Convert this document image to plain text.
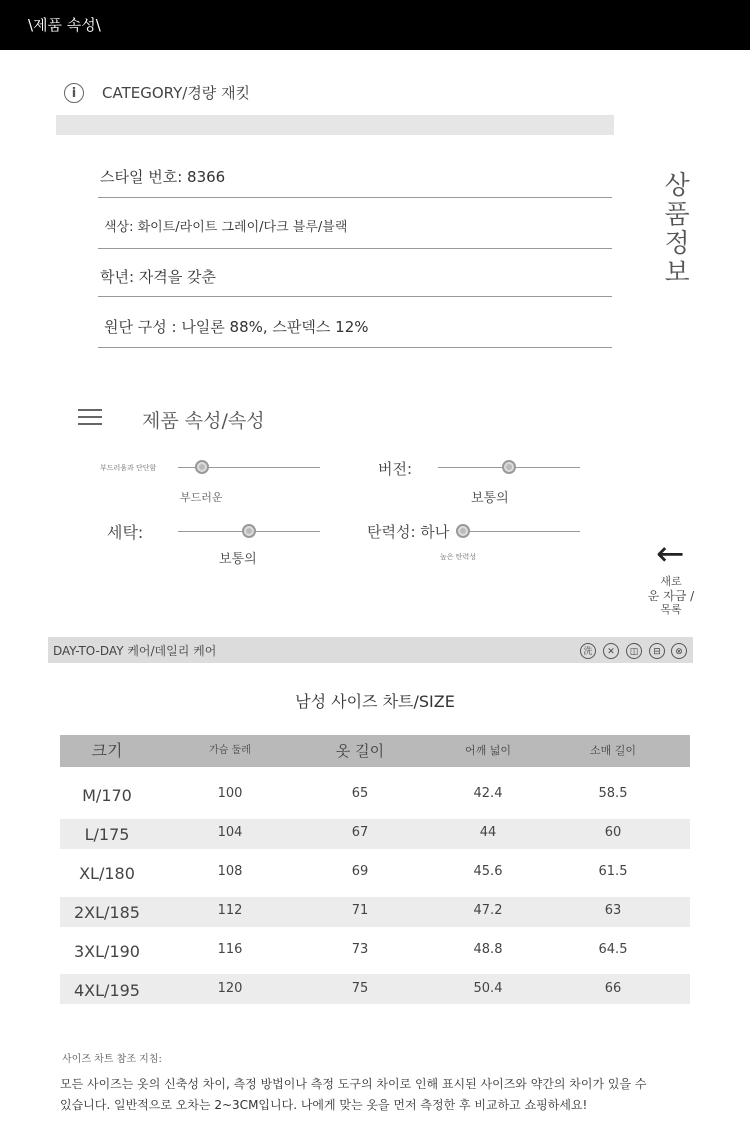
\제품 속성\
i	CATEGORY/경량 재킷
스타일 번호: 8366
색상: 화이트/라이트 그레이/다크 블루/블랙
학년: 자격을 갖춘
원단 구성 : 나일론 88%, 스판덱스 12%
상품 정보
제품 속성/속성
부드러움과 단단함
부드러운
버전:
보통의
세탁:
보통의
탄력성: 하나
높은 탄력성	←
새로
운 자금 /
목록
DAY-TO-DAY 케어/데일리 케어	洗	✕	◫	⊟	⊗
남성 사이즈 차트/SIZE
크기	가슴 둘레	옷 길이	어깨 넓이	소매 길이
M/170	100	65	42.4	58.5
L/175	104	67	44	60
XL/180	108	69	45.6	61.5
2XL/185	112	71	47.2	63
3XL/190	116	73	48.8	64.5
4XL/195	120	75	50.4	66
사이즈 차트 참조 지침:
모든 사이즈는 옷의 신축성 차이, 측정 방법이나 측정 도구의 차이로 인해 표시된 사이즈와 약간의 차이가 있을 수
있습니다. 일반적으로 오차는 2~3CM입니다. 나에게 맞는 옷을 먼저 측정한 후 비교하고 쇼핑하세요!
